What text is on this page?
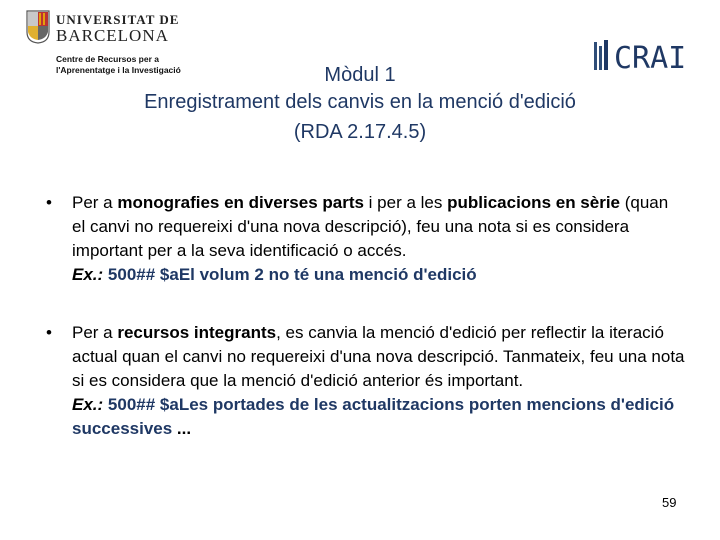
UNIVERSITAT DE
BARCELONA
Centre de Recursos per a
l'Aprenentatge i la Investigació	CRAI
Mòdul 1
Enregistrament dels canvis en la menció d'edició
(RDA 2.17.4.5)
• Per a monografies en diverses parts i per a les publicacions en sèrie (quan el canvi no requereixi d'una nova descripció), feu una nota si es considera important per a la seva identificació o accés.
Ex.: 500## $aEl volum 2 no té una menció d'edició
• Per a recursos integrants, es canvia la menció d'edició per reflectir la iteració actual quan el canvi no requereixi d'una nova descripció. Tanmateix, feu una nota si es considera que la menció d'edició anterior és important.
Ex.: 500## $aLes portades de les actualitzacions porten mencions d'edició successives ...
59
